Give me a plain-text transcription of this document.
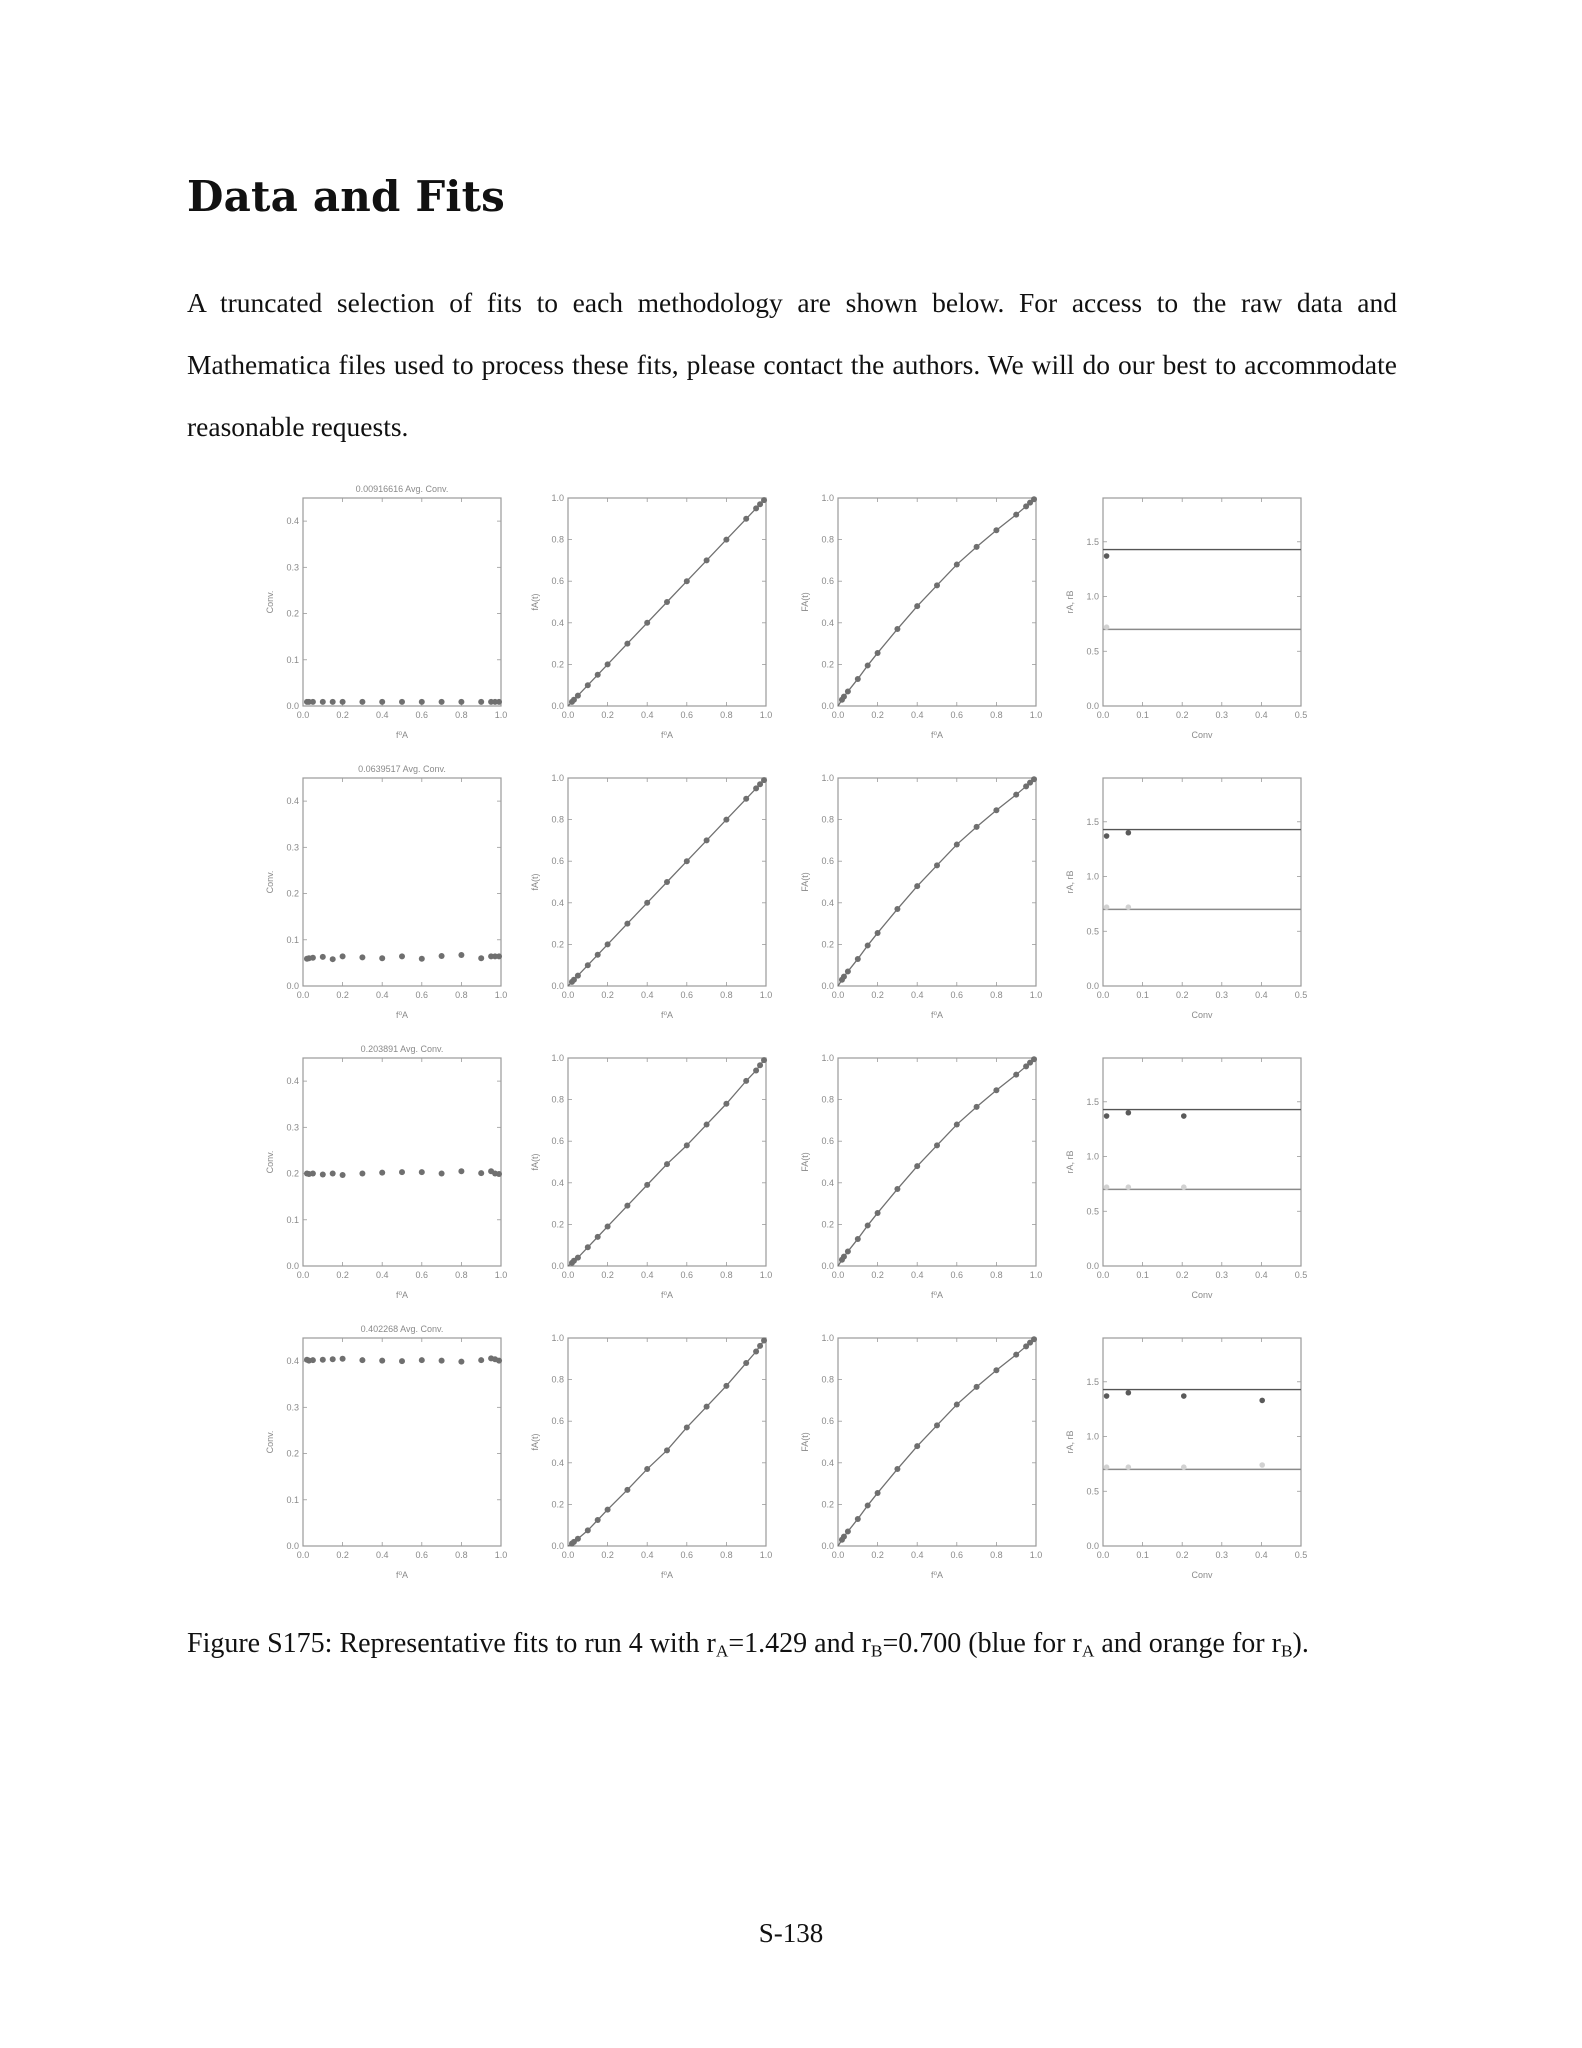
Data and Fits
A truncated selection of fits to each methodology are shown below. For access to the raw data and Mathematica files used to process these fits, please contact the authors. We will do our best to accommodate reasonable requests.
0.0	0.2	0.4	0.6	0.8	1.0
0.0
0.1
0.2
0.3
0.4
f⁰A
Conv.
0.00916616 Avg. Conv.
0.0	0.2	0.4	0.6	0.8	1.0
0.0
0.2
0.4
0.6
0.8
1.0
f⁰A
fA(t)
0.0	0.2	0.4	0.6	0.8	1.0
0.0
0.2
0.4
0.6
0.8
1.0
f⁰A
FA(t)
0.0	0.1	0.2	0.3	0.4	0.5
0.0
0.5
1.0
1.5
Conv
rA, rB
0.0	0.2	0.4	0.6	0.8	1.0
0.0
0.1
0.2
0.3
0.4
f⁰A
Conv.
0.0639517 Avg. Conv.
0.0	0.2	0.4	0.6	0.8	1.0
0.0
0.2
0.4
0.6
0.8
1.0
f⁰A
fA(t)
0.0	0.2	0.4	0.6	0.8	1.0
0.0
0.2
0.4
0.6
0.8
1.0
f⁰A
FA(t)
0.0	0.1	0.2	0.3	0.4	0.5
0.0
0.5
1.0
1.5
Conv
rA, rB
0.0	0.2	0.4	0.6	0.8	1.0
0.0
0.1
0.2
0.3
0.4
f⁰A
Conv.
0.203891 Avg. Conv.
0.0	0.2	0.4	0.6	0.8	1.0
0.0
0.2
0.4
0.6
0.8
1.0
f⁰A
fA(t)
0.0	0.2	0.4	0.6	0.8	1.0
0.0
0.2
0.4
0.6
0.8
1.0
f⁰A
FA(t)
0.0	0.1	0.2	0.3	0.4	0.5
0.0
0.5
1.0
1.5
Conv
rA, rB
0.0	0.2	0.4	0.6	0.8	1.0
0.0
0.1
0.2
0.3
0.4
f⁰A
Conv.
0.402268 Avg. Conv.
0.0	0.2	0.4	0.6	0.8	1.0
0.0
0.2
0.4
0.6
0.8
1.0
f⁰A
fA(t)
0.0	0.2	0.4	0.6	0.8	1.0
0.0
0.2
0.4
0.6
0.8
1.0
f⁰A
FA(t)
0.0	0.1	0.2	0.3	0.4	0.5
0.0
0.5
1.0
1.5
Conv
rA, rB
Figure S175: Representative fits to run 4 with $r_A=1.429$ and $r_B=0.700$ (blue for $r_A$ and orange for $r_B$).
S-138
